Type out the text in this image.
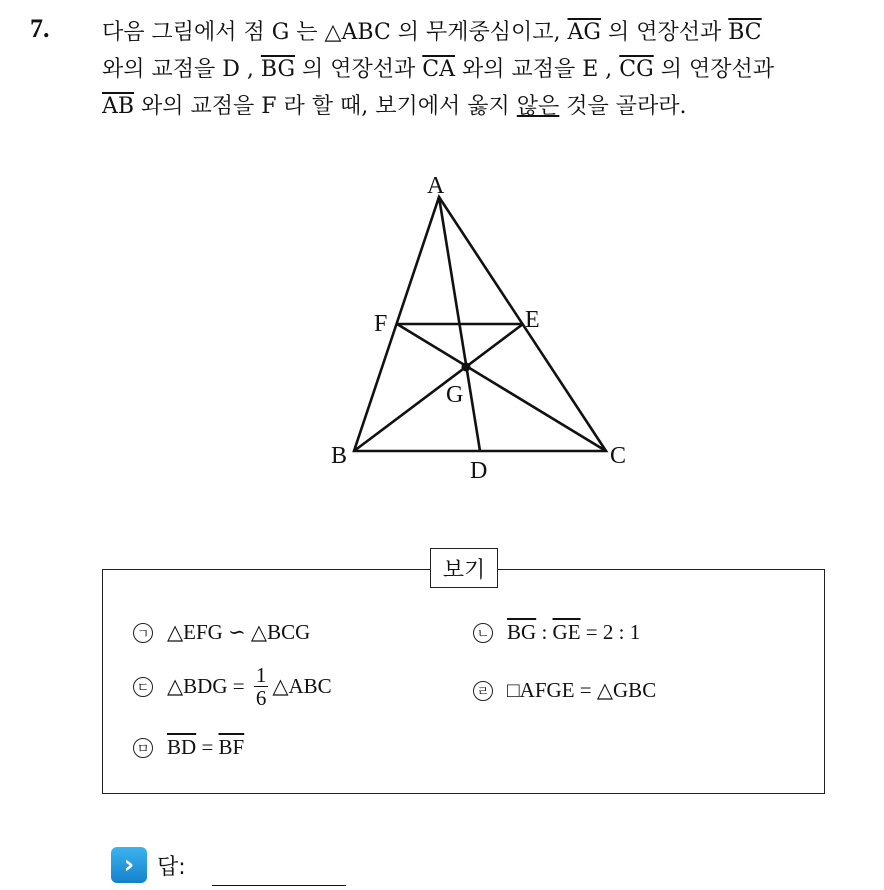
7. 다음 그림에서 점 G 는 △ABC 의 무게중심이고, $\overline{AG}$ 의 연장선과 $\overline{BC}$
와의 교점을 D , $\overline{BG}$ 의 연장선과 $\overline{CA}$ 와의 교점을 E , $\overline{CG}$ 의 연장선과
$\overline{AB}$ 와의 교점을 F 라 할 때, 보기에서 옳지 않은 것을 골라라.
A
B	C
D
E
F
G
보기
ㄱ △EFG ∽ △BCG	ㄴ $\overline{BG}$ : $\overline{GE} = 2$ : 1
ㄷ △BDG = $\frac{1}{6}$ △ABC	ㄹ □AFGE = △GBC
ㅁ $\overline{BD} = \overline{BF}$
›	답:
